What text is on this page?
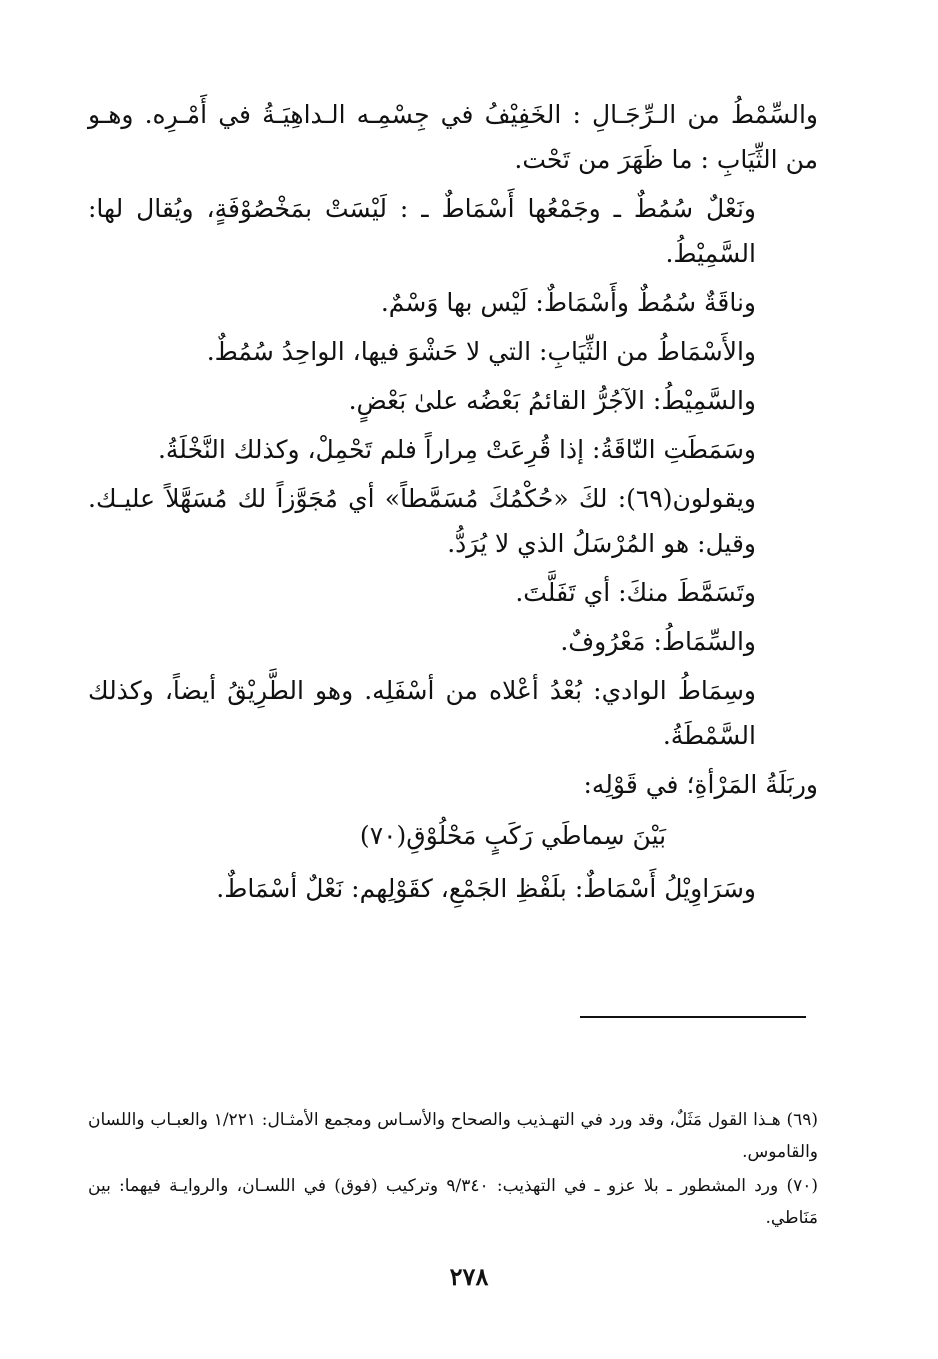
والسِّمْطُ من الـرِّجَـالِ : الخَفِيْفُ في جِسْمِـه الـداهِيَـةُ في أَمْـرِه. وهـو من الثِّيَابِ : ما ظَهَرَ من تَحْت.

ونَعْلٌ سُمُطٌ ـ وجَمْعُها أَسْمَاطٌ ـ : لَيْسَتْ بمَخْصُوْفَةٍ، ويُقال لها: السَّمِيْطُ.

وناقَةٌ سُمُطٌ وأَسْمَاطٌ: لَيْس بها وَسْمٌ.

والأَسْمَاطُ من الثِّيَابِ: التي لا حَشْوَ فيها، الواحِدُ سُمُطٌ.

والسَّمِيْطُ: الآجُرُّ القائمُ بَعْضُه علىٰ بَعْضٍ.

وسَمَطَتِ النّاقَةُ: إذا قُرِعَتْ مِراراً فلم تَحْمِلْ، وكذلك النَّخْلَةُ.

ويقولون(٦٩): لكَ «حُكْمُكَ مُسَمَّطاً» أي مُجَوَّزاً لك مُسَهَّلاً عليـك. وقيل: هو المُرْسَلُ الذي لا يُرَدُّ.

وتَسَمَّطَ منكَ: أي تَفَلَّتَ.

والسِّمَاطُ: مَعْرُوفٌ.

وسِمَاطُ الوادي: بُعْدُ أعْلاه من أسْفَلِه. وهو الطَّرِيْقُ أيضاً، وكذلك السَّمْطَةُ.

وربَلَةُ المَرْأةِ؛ في قَوْلِه:

بَيْنَ سِماطَي رَكَبٍ مَحْلُوْقِ(٧٠)

وسَرَاوِيْلُ أَسْمَاطٌ: بلَفْظِ الجَمْعِ، كقَوْلِهم: نَعْلٌ أسْمَاطٌ.

(٦٩) هـذا القول مَثَلٌ، وقد ورد في التهـذيب والصحاح والأسـاس ومجمع الأمثـال: ١/٢٢١ والعبـاب واللسان والقاموس.

(٧٠) ورد المشطور ـ بلا عزو ـ في التهذيب: ٩/٣٤٠ وتركيب (فوق) في اللسـان، والروايـة فيهما: بين مَنَاطي.

٢٧٨
